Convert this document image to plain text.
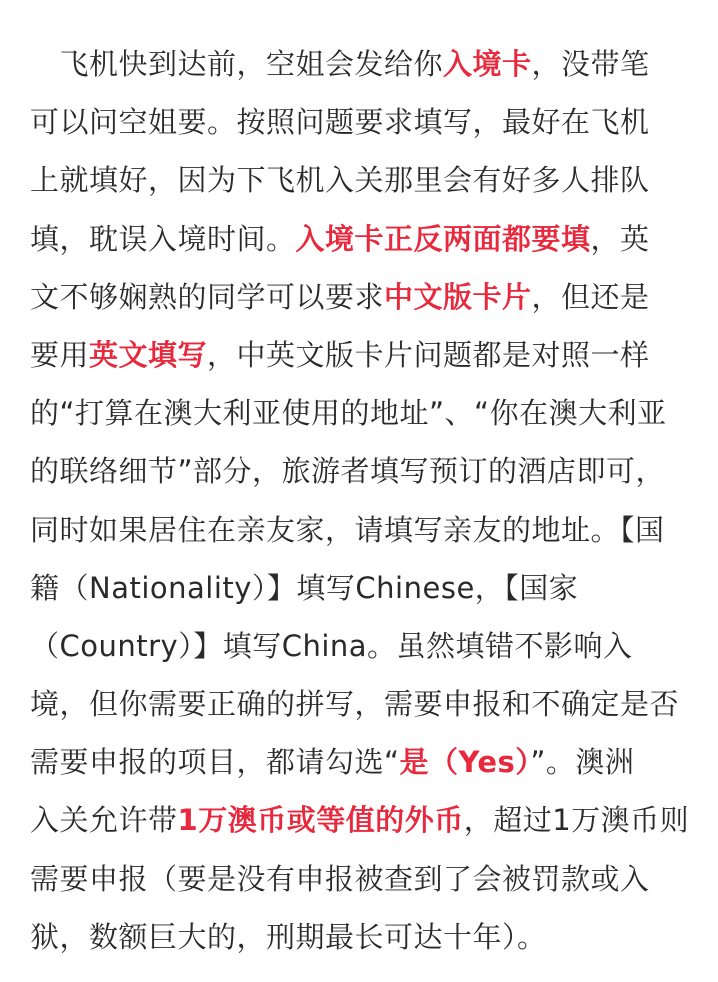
　飞机快到达前，空姐会发给你入境卡，没带笔
可以问空姐要。按照问题要求填写，最好在飞机
上就填好，因为下飞机入关那里会有好多人排队
填，耽误入境时间。入境卡正反两面都要填，英
文不够娴熟的同学可以要求中文版卡片，但还是
要用英文填写，中英文版卡片问题都是对照一样
的“打算在澳大利亚使用的地址”、“你在澳大利亚
的联络细节”部分，旅游者填写预订的酒店即可，
同时如果居住在亲友家，请填写亲友的地址。【国
籍（Nationality）】填写Chinese，【国家
（Country）】填写China。虽然填错不影响入
境，但你需要正确的拼写，需要申报和不确定是否
需要申报的项目，都请勾选“是（Yes）”。澳洲
入关允许带1万澳币或等值的外币，超过1万澳币则
需要申报（要是没有申报被查到了会被罚款或入
狱，数额巨大的，刑期最长可达十年）。
